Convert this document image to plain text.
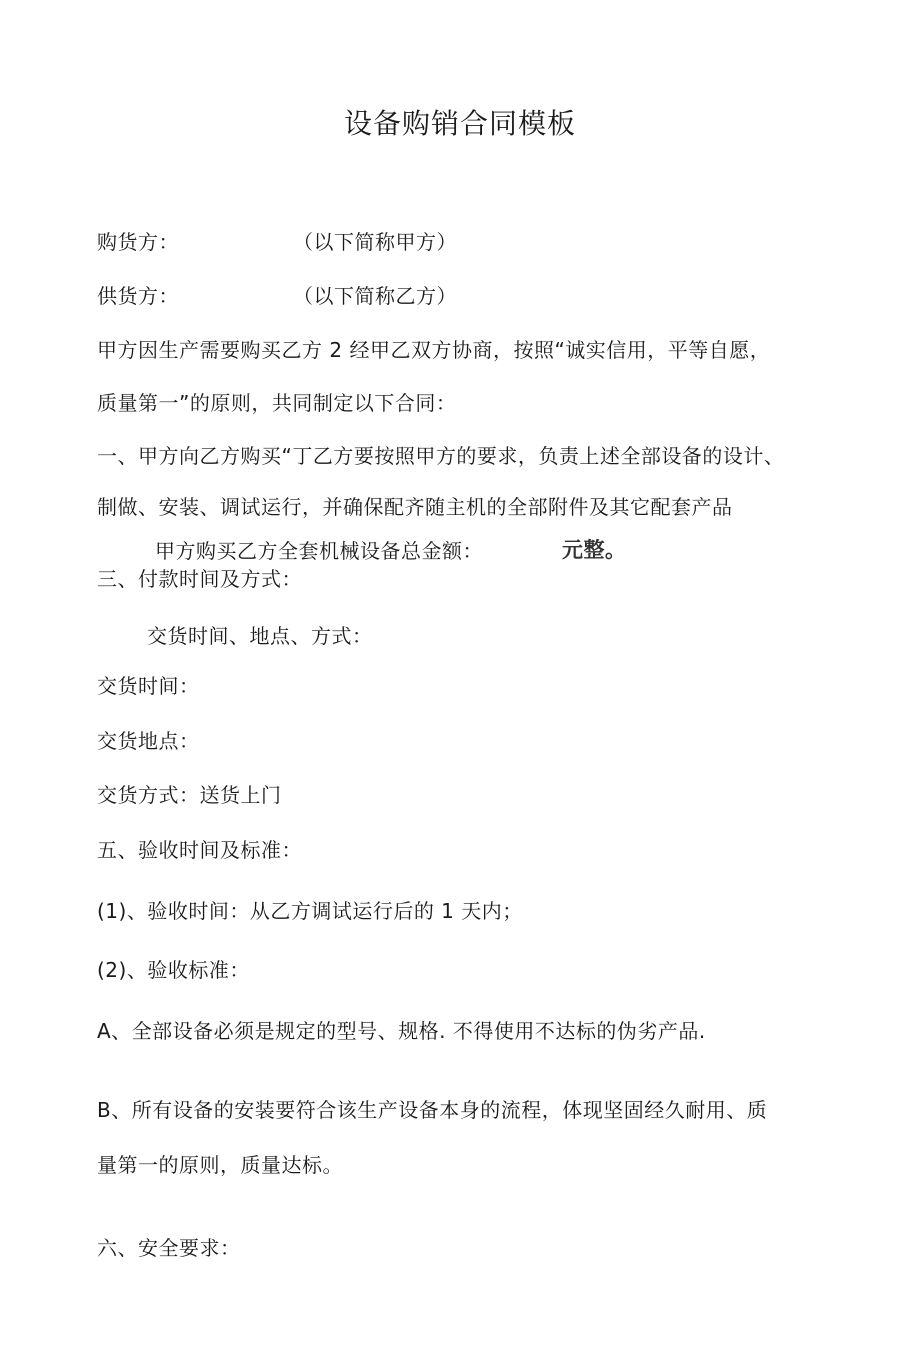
设备购销合同模板
购货方：	（以下简称甲方）
供货方：	（以下简称乙方）
甲方因生产需要购买乙方 2 经甲乙双方协商，按照“诚实信用，平等自愿，
质量第一”的原则，共同制定以下合同：
一、甲方向乙方购买“丁乙方要按照甲方的要求，负责上述全部设备的设计、
制做、安装、调试运行，并确保配齐随主机的全部附件及其它配套产品
甲方购买乙方全套机械设备总金额：	元整。
三、付款时间及方式：
交货时间、地点、方式：
交货时间：
交货地点：
交货方式：送货上门
五、验收时间及标准：
(1)、验收时间：从乙方调试运行后的 1 天内；
(2)、验收标准：
A、全部设备必须是规定的型号、规格. 不得使用不达标的伪劣产品.
B、所有设备的安装要符合该生产设备本身的流程，体现坚固经久耐用、质
量第一的原则，质量达标。
六、安全要求：
